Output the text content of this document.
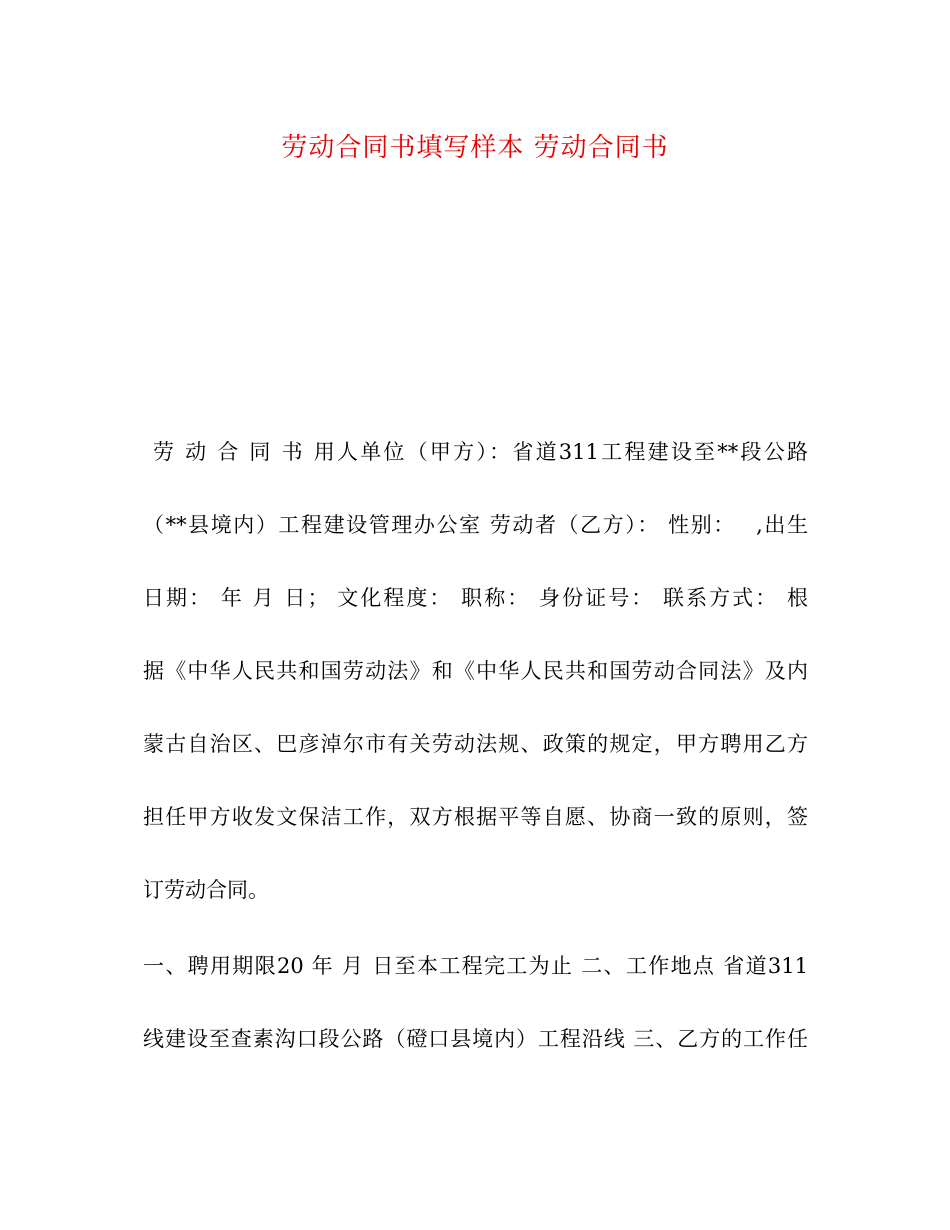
劳动合同书填写样本 劳动合同书
劳 动 合 同 书 用人单位（甲方）：省道311工程建设至**段公路
（**县境内）工程建设管理办公室 劳动者（乙方）： 性别：　 ,出生
日期： 年 月 日； 文化程度： 职称： 身份证号： 联系方式： 根
据《中华人民共和国劳动法》和《中华人民共和国劳动合同法》及内
蒙古自治区、巴彦淖尔市有关劳动法规、政策的规定，甲方聘用乙方
担任甲方收发文保洁工作，双方根据平等自愿、协商一致的原则，签
订劳动合同。
一、聘用期限20 年 月 日至本工程完工为止 二、工作地点 省道311
线建设至查素沟口段公路（磴口县境内）工程沿线 三、乙方的工作任
